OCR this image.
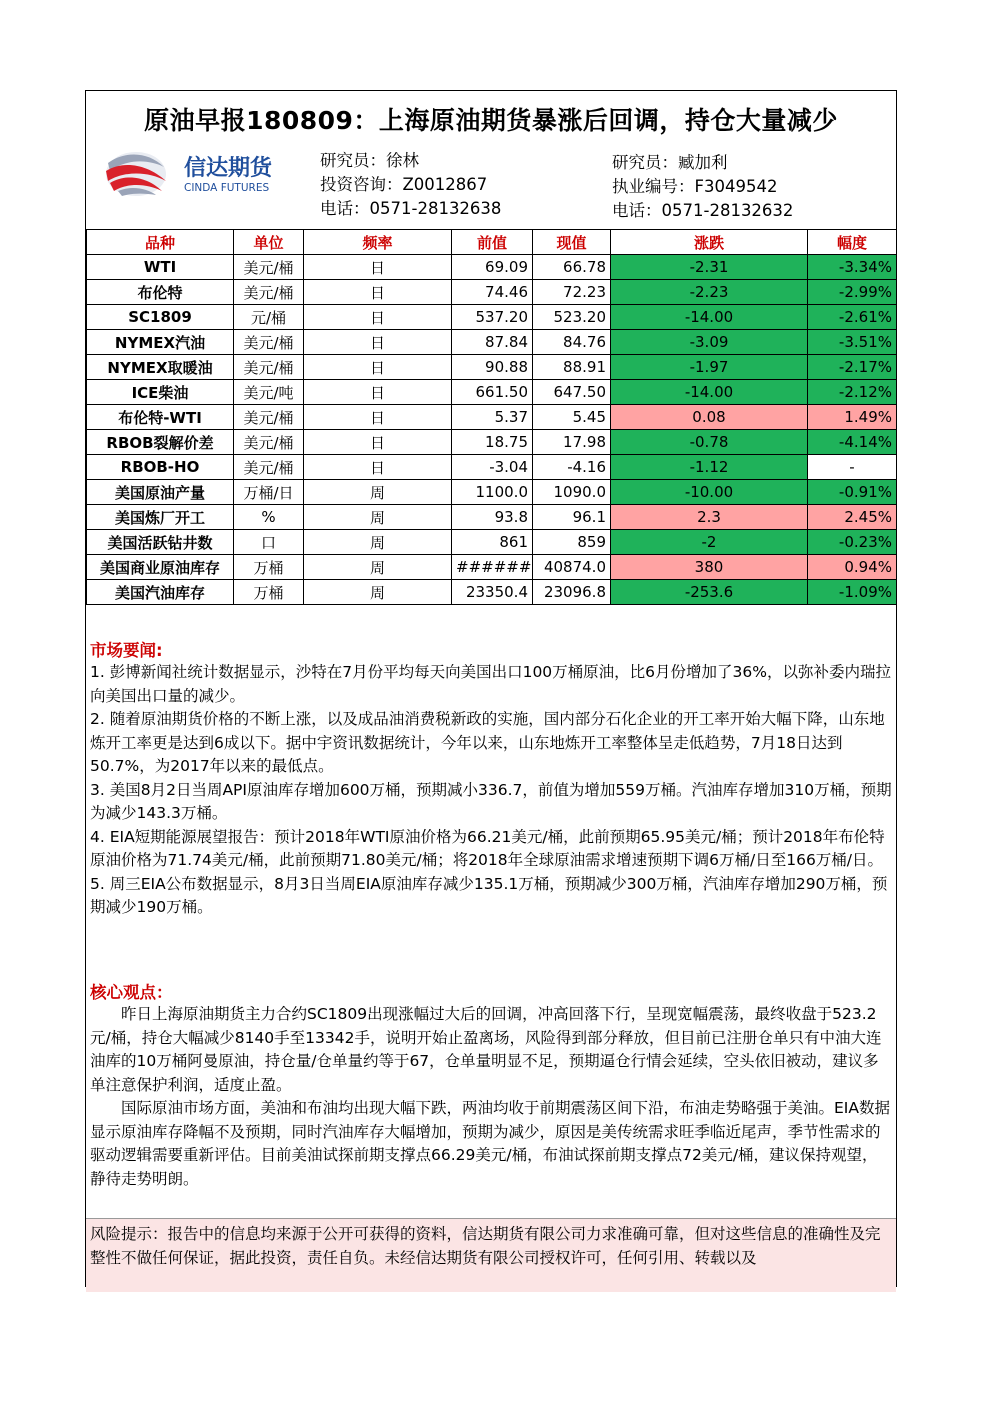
原油早报180809：上海原油期货暴涨后回调，持仓大量减少
信达期货
CINDA FUTURES
研究员：徐林
投资咨询：Z0012867
电话：0571-28132638
研究员：臧加利
执业编号：F3049542
电话：0571-28132632
品种	单位	频率	前值	现值	涨跌	幅度
WTI	美元/桶	日	69.09	66.78	-2.31	-3.34%
布伦特	美元/桶	日	74.46	72.23	-2.23	-2.99%
SC1809	元/桶	日	537.20	523.20	-14.00	-2.61%
NYMEX汽油	美元/桶	日	87.84	84.76	-3.09	-3.51%
NYMEX取暖油	美元/桶	日	90.88	88.91	-1.97	-2.17%
ICE柴油	美元/吨	日	661.50	647.50	-14.00	-2.12%
布伦特-WTI	美元/桶	日	5.37	5.45	0.08	1.49%
RBOB裂解价差	美元/桶	日	18.75	17.98	-0.78	-4.14%
RBOB-HO	美元/桶	日	-3.04	-4.16	-1.12	-
美国原油产量	万桶/日	周	1100.0	1090.0	-10.00	-0.91%
美国炼厂开工	%	周	93.8	96.1	2.3	2.45%
美国活跃钻井数	口	周	861	859	-2	-0.23%
美国商业原油库存	万桶	周	######	40874.0	380	0.94%
美国汽油库存	万桶	周	23350.4	23096.8	-253.6	-1.09%
市场要闻:

1. 彭博新闻社统计数据显示，沙特在7月份平均每天向美国出口100万桶原油，比6月份增加了36%，以弥补委内瑞拉向美国出口量的减少。

2. 随着原油期货价格的不断上涨，以及成品油消费税新政的实施，国内部分石化企业的开工率开始大幅下降，山东地炼开工率更是达到6成以下。据中宇资讯数据统计，今年以来，山东地炼开工率整体呈走低趋势，7月18日达到50.7%，为2017年以来的最低点。

3. 美国8月2日当周API原油库存增加600万桶，预期减小336.7，前值为增加559万桶。汽油库存增加310万桶，预期为减少143.3万桶。

4. EIA短期能源展望报告：预计2018年WTI原油价格为66.21美元/桶，此前预期65.95美元/桶；预计2018年布伦特原油价格为71.74美元/桶，此前预期71.80美元/桶；将2018年全球原油需求增速预期下调6万桶/日至166万桶/日。

5. 周三EIA公布数据显示，8月3日当周EIA原油库存减少135.1万桶，预期减少300万桶，汽油库存增加290万桶，预期减少190万桶。

核心观点：

昨日上海原油期货主力合约SC1809出现涨幅过大后的回调，冲高回落下行，呈现宽幅震荡，最终收盘于523.2元/桶，持仓大幅减少8140手至13342手，说明开始止盈离场，风险得到部分释放，但目前已注册仓单只有中油大连油库的10万桶阿曼原油，持仓量/仓单量约等于67，仓单量明显不足，预期逼仓行情会延续，空头依旧被动，建议多单注意保护利润，适度止盈。

国际原油市场方面，美油和布油均出现大幅下跌，两油均收于前期震荡区间下沿，布油走势略强于美油。EIA数据显示原油库存降幅不及预期，同时汽油库存大幅增加，预期为减少，原因是美传统需求旺季临近尾声，季节性需求的驱动逻辑需要重新评估。目前美油试探前期支撑点66.29美元/桶，布油试探前期支撑点72美元/桶，建议保持观望，静待走势明朗。

风险提示：报告中的信息均来源于公开可获得的资料，信达期货有限公司力求准确可靠，但对这些信息的准确性及完整性不做任何保证，据此投资，责任自负。未经信达期货有限公司授权许可，任何引用、转载以及
